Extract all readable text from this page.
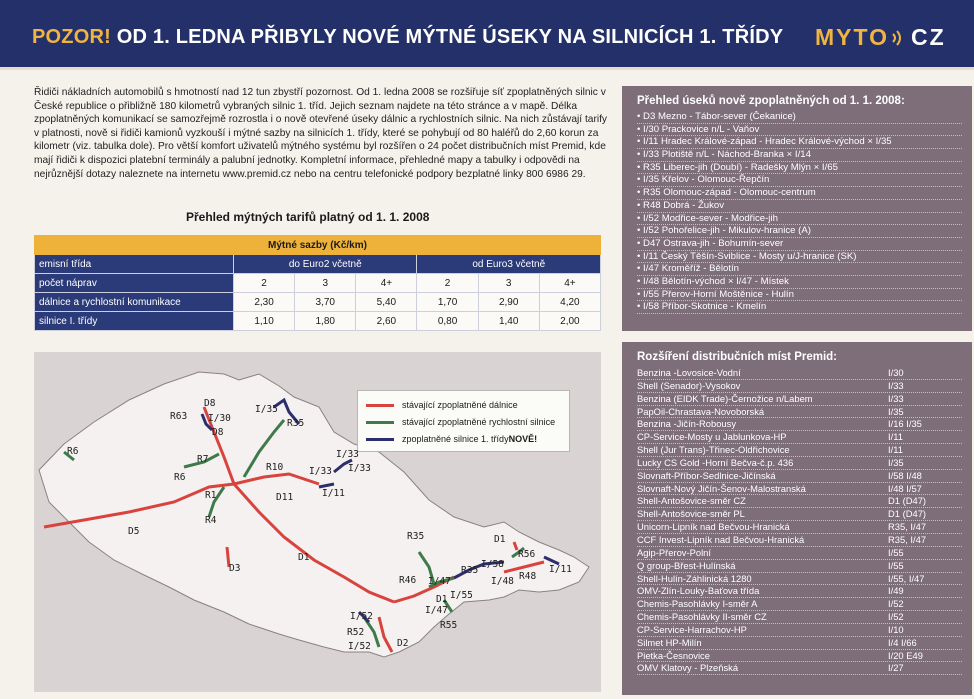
POZOR! OD 1. LEDNA PŘIBYLY NOVÉ MÝTNÉ ÚSEKY NA SILNICÍCH 1. TŘÍDY MYTO CZ

Řidiči nákladních automobilů s hmotností nad 12 tun zbystří pozornost. Od 1. ledna 2008 se rozšiřuje síť zpoplatněných silnic v České republice o přibližně 180 kilometrů vybraných silnic 1. tříd. Jejich seznam najdete na této stránce a v mapě. Délka zpoplatněných komunikací se samozřejmě rozrostla i o nově otevřené úseky dálnic a rychlostních silnic. Na nich zůstávají tarify v platnosti, nově si řidiči kamionů vyzkouší i mýtné sazby na silnicích 1. třídy, které se pohybují od 80 haléřů do 2,60 korun za kilometr (viz. tabulka dole). Pro větší komfort uživatelů mýtného systému byl rozšířen o 24 počet distribučních míst Premid, kde mají řidiči k dispozici platební terminály a palubní jednotky. Kompletní informace, přehledné mapy a tabulky i odpovědi na nejrůznější dotazy naleznete na internetu www.premid.cz nebo na centru telefonické podpory bezplatné linky 800 6986 29.

Přehled mýtných tarifů platný od 1. 1. 2008
Mýtné sazby (Kč/km)						
emisní třída	do Euro2 včetně			od Euro3 včetně		
počet náprav	2	3	4+	2	3	4+
dálnice a rychlostní komunikace	2,30	3,70	5,40	1,70	2,90	4,20
silnice I. třídy	1,10	1,80	2,60	0,80	1,40	2,00
stávající zpoplatněné dálnice
stávající zpoplatněné rychlostní silnice
zpoplatněné silnice 1. třídy NOVĚ!
D8
R63 I/30
D8
I/35
R35
R6
R7
R10
I/33
I/33 I/33
R6
R1	D11	I/11
R4
D5
D1
D3
R35	D1
R56
I/58	I/11
R48
I/48
R46 I/47
R35
I/55
D1
I/47
R55
I/52
R52
I/52	D2
Přehled úseků nově zpoplatněných od 1. 1. 2008:
• D3 Mezno - Tábor-sever (Čekanice)
• I/30 Prackovice n/L - Vaňov
• I/11 Hradec Králové-západ - Hradec Králové-východ × I/35
• I/33 Plotiště n/L - Náchod-Branka × I/14
• R35 Liberec-jih (Doubí) - Radešky Mlýn × I/65
• I/35 Křelov - Olomouc-Řepčín
• R35 Olomouc-západ - Olomouc-centrum
• R48 Dobrá - Žukov
• I/52 Modřice-sever - Modřice-jih
• I/52 Pohořelice-jih - Mikulov-hranice (A)
• D47 Ostrava-jih - Bohumín-sever
• I/11 Český Těšín-Sviblice - Mosty u/J-hranice (SK)
• I/47 Kroměříž - Bělotín
• I/48 Bělotín-východ × I/47 - Místek
• I/55 Přerov-Horní Moštěnice - Hulín
• I/58 Příbor-Skotnice - Kmelín
Rozšíření distribučních míst Premid:
Benzina -Lovosice-Vodní	I/30
Shell (Senador)-Vysokov	I/33
Benzina (EIDK Trade)-Černožice n/Labem	I/33
PapOil-Chrastava-Novoborská	I/35
Benzina -Jičín-Robousy	I/16 I/35
CP-Service-Mosty u Jablunkova-HP	I/11
Shell (Jur Trans)-Třinec-Oldřichovice	I/11
Lucky CS Gold -Horní Bečva-č.p. 436	I/35
Slovnaft-Příbor-Sedlnice-Jičínská	I/58 I/48
Slovnaft-Nový Jičín-Šenov-Malostranská	I/48 I/57
Shell-Antošovice-směr CZ	D1 (D47)
Shell-Antošovice-směr PL	D1 (D47)
Unicorn-Lipník nad Bečvou-Hranická	R35, I/47
CCF Invest-Lipník nad Bečvou-Hranická	R35, I/47
Agip-Přerov-Polní	I/55
Q group-Břest-Hulínská	I/55
Shell-Hulín-Záhlinická 1280	I/55, I/47
OMV-Zlín-Louky-Baťova třída	I/49
Chemis-Pasohlávky I-směr A	I/52
Chemis-Pasohlávky II-směr CZ	I/52
CP-Service-Harrachov-HP	I/10
Silmet HP-Milín	I/4 I/66
Pietka-Česnovice	I/20 E49
OMV Klatovy - Plzeňská	I/27
